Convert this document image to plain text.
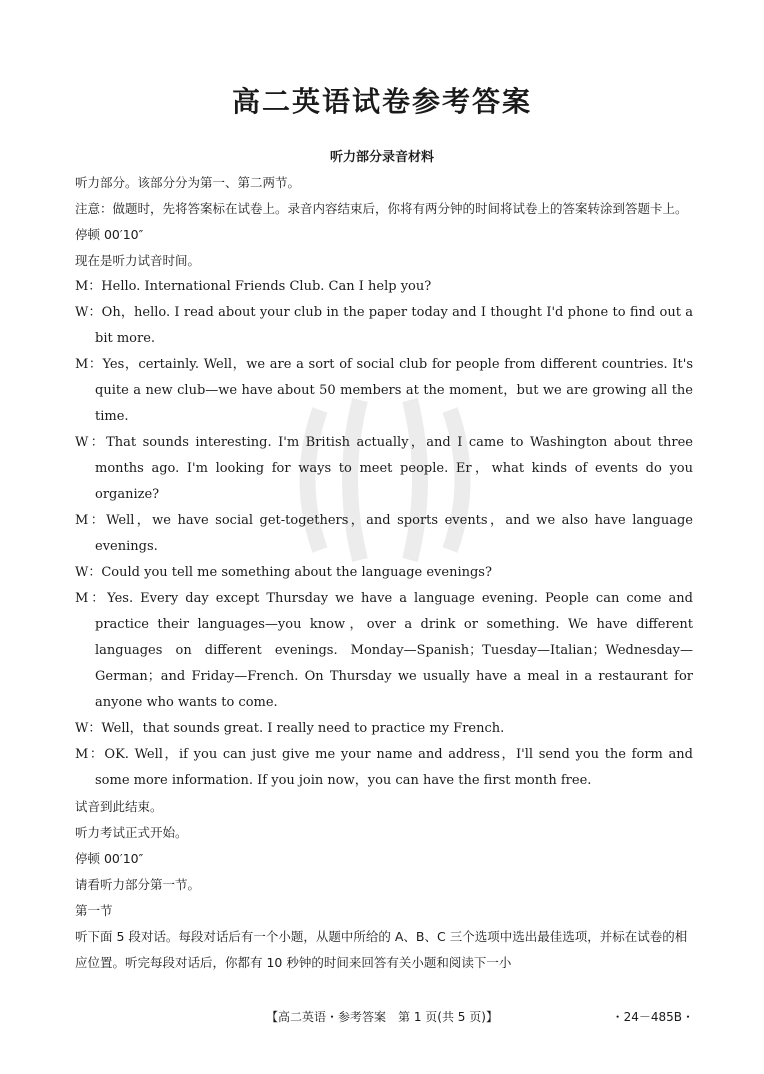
高二英语试卷参考答案
听力部分录音材料

听力部分。该部分分为第一、第二两节。

注意：做题时，先将答案标在试卷上。录音内容结束后，你将有两分钟的时间将试卷上的答案转涂到答题卡上。

停顿 00′10″

现在是听力试音时间。

M：Hello. International Friends Club. Can I help you?

W：Oh，hello. I read about your club in the paper today and I thought I'd phone to find out a bit more.

M：Yes，certainly. Well，we are a sort of social club for people from different countries. It's quite a new club—we have about 50 members at the moment，but we are growing all the time.

W：That sounds interesting. I'm British actually，and I came to Washington about three months ago. I'm looking for ways to meet people. Er，what kinds of events do you organize?

M：Well，we have social get-togethers，and sports events，and we also have language evenings.

W：Could you tell me something about the language evenings?

M：Yes. Every day except Thursday we have a language evening. People can come and practice their languages—you know，over a drink or something. We have different languages on different evenings. Monday—Spanish；Tuesday—Italian；Wednesday—German；and Friday—French. On Thursday we usually have a meal in a restaurant for anyone who wants to come.

W：Well，that sounds great. I really need to practice my French.

M：OK. Well，if you can just give me your name and address，I'll send you the form and some more information. If you join now，you can have the first month free.

试音到此结束。

听力考试正式开始。

停顿 00′10″

请看听力部分第一节。

第一节

听下面 5 段对话。每段对话后有一个小题，从题中所给的 A、B、C 三个选项中选出最佳选项，并标在试卷的相应位置。听完每段对话后，你都有 10 秒钟的时间来回答有关小题和阅读下一小

【高二英语・参考答案　第 1 页(共 5 页)】	・24－485B・
